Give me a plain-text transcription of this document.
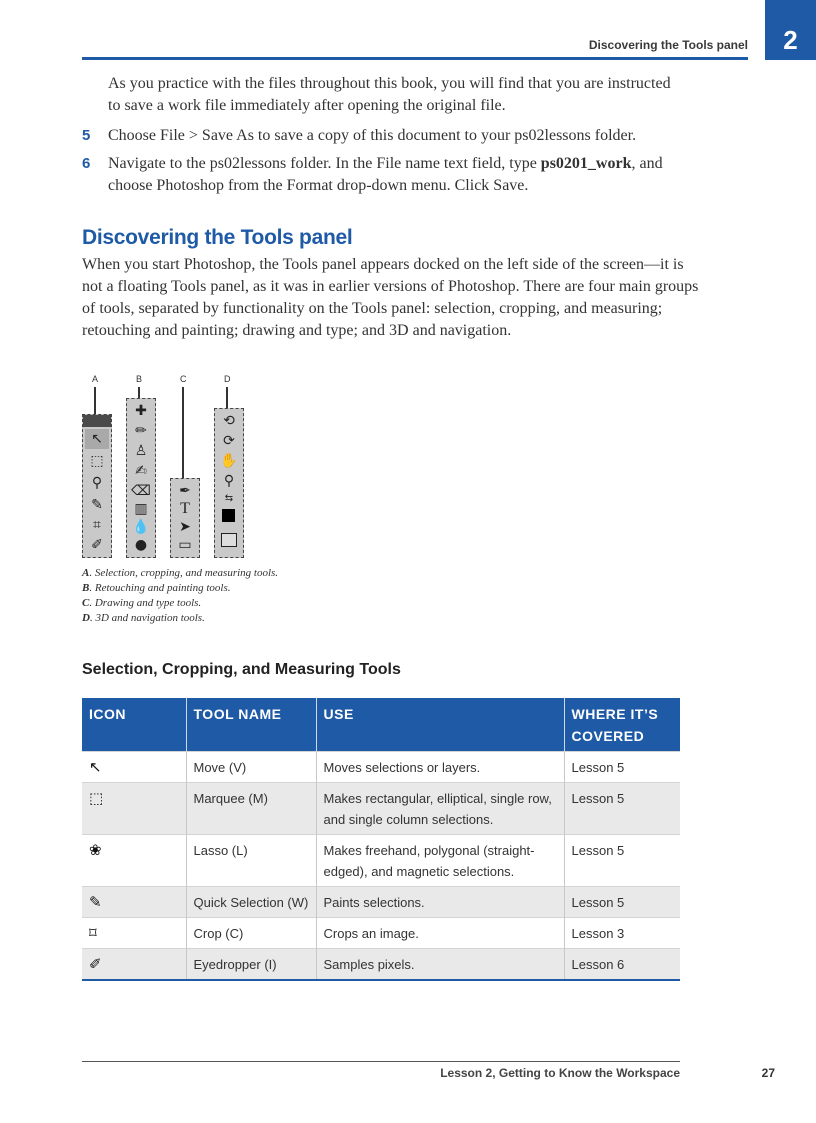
Discovering the Tools panel	2
As you practice with the files throughout this book, you will find that you are instructed
to save a work file immediately after opening the original file.
5 Choose File > Save As to save a copy of this document to your ps02lessons folder.
6 Navigate to the ps02lessons folder. In the File name text field, type ps0201_work, and
choose Photoshop from the Format drop-down menu. Click Save.
Discovering the Tools panel
When you start Photoshop, the Tools panel appears docked on the left side of the screen—it is
not a floating Tools panel, as it was in earlier versions of Photoshop. There are four main groups
of tools, separated by functionality on the Tools panel: selection, cropping, and measuring;
retouching and painting; drawing and type; and 3D and navigation.
A	B	C	D
↖
⬚
⚲
✎
⌗
✐
✚
✏
♙
✍
⌫
▥
💧
●
✒
T
➤
▭
⟲
⟳
✋
⚲
⇆
A. Selection, cropping, and measuring tools.
B. Retouching and painting tools.
C. Drawing and type tools.
D. 3D and navigation tools.
Selection, Cropping, and Measuring Tools
ICON	TOOL NAME	USE	WHERE IT’S
COVERED
↖	Move (V)	Moves selections or layers.	Lesson 5
⬚	Marquee (M)	Makes rectangular, elliptical, single row,
and single column selections.	Lesson 5
❀	Lasso (L)	Makes freehand, polygonal (straight-
edged), and magnetic selections.	Lesson 5
✎	Quick Selection (W)	Paints selections.	Lesson 5
⌑	Crop (C)	Crops an image.	Lesson 3
✐	Eyedropper (I)	Samples pixels.	Lesson 6
Lesson 2, Getting to Know the Workspace	27
